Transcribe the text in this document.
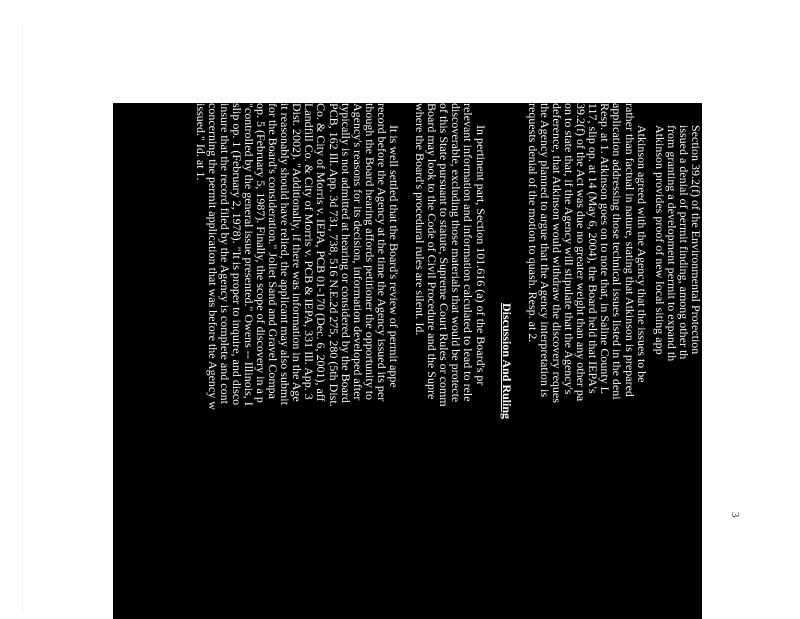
3
Section 39.2(f) of the Environmental Protection
issued a denial of permit finding, among other th
from granting a development permit to expand th
Atkinson provides proof of new local siting app
Atkinson agreed with the Agency that the issues to be
rather than factual in nature, stating that Atkinson is prepared
application addressing those technical issues listed in the deni
Resp. at 1. Atkinson goes on to note that, in Saline County L
117, slip op. at 14 (May 6, 2004), the Board held that IEPA's
39.2(f) of the Act was due no greater weight than any other pa
on to state that, if the Agency will stipulate that the Agency's
deference, that Atkinson would withdraw the discovery reques
the Agency planned to argue that the Agency interpretation is
requests denial of the motion to quash. Resp. at 2.
Discussion And Ruling
In pertinent part, Section 101.616 (a) of the Board's pr
relevant information and information calculated to lead to rele
discoverable, excluding those materials that would be protecte
of this State pursuant to statute, Supreme Court Rules or comm
Board may look to the Code of Civil Procedure and the Supre
where the Board's procedural rules are silent. Id.
It is well settled that the Board's review of permit appe
record before the Agency at the time the Agency issued its per
though the Board hearing affords petitioner the opportunity to
Agency's reasons for its decision, information developed after
typically is not admitted at hearing or considered by the Board
PCB, 162 Ill. App. 3d 731, 738, 516 N.E.2d 275, 280 (5th Dist.
Co. & City of Morris v. IEPA, PCB 01-170 (Dec. 6, 2001), aff
Landfill Co. & City of Morris v. PCB & IEPA, 331 Ill. App. 3
Dist. 2002). "Additionally, if there was information in the Age
it reasonably should have relied, the applicant may also submit
for the Board's consideration." Joliet Sand and Gravel Compa
op. 5 (February 5, 1987). Finally, the scope of discovery in a p
"controlled by the general issue presented." Owens -- Illinois, I
slip op. 1 (February 2, 1978). "It is proper to inquire, and disco
insure that the record filed by the Agency is complete and cont
concerning the permit application that was before the Agency w
issued." Id. at 1.
